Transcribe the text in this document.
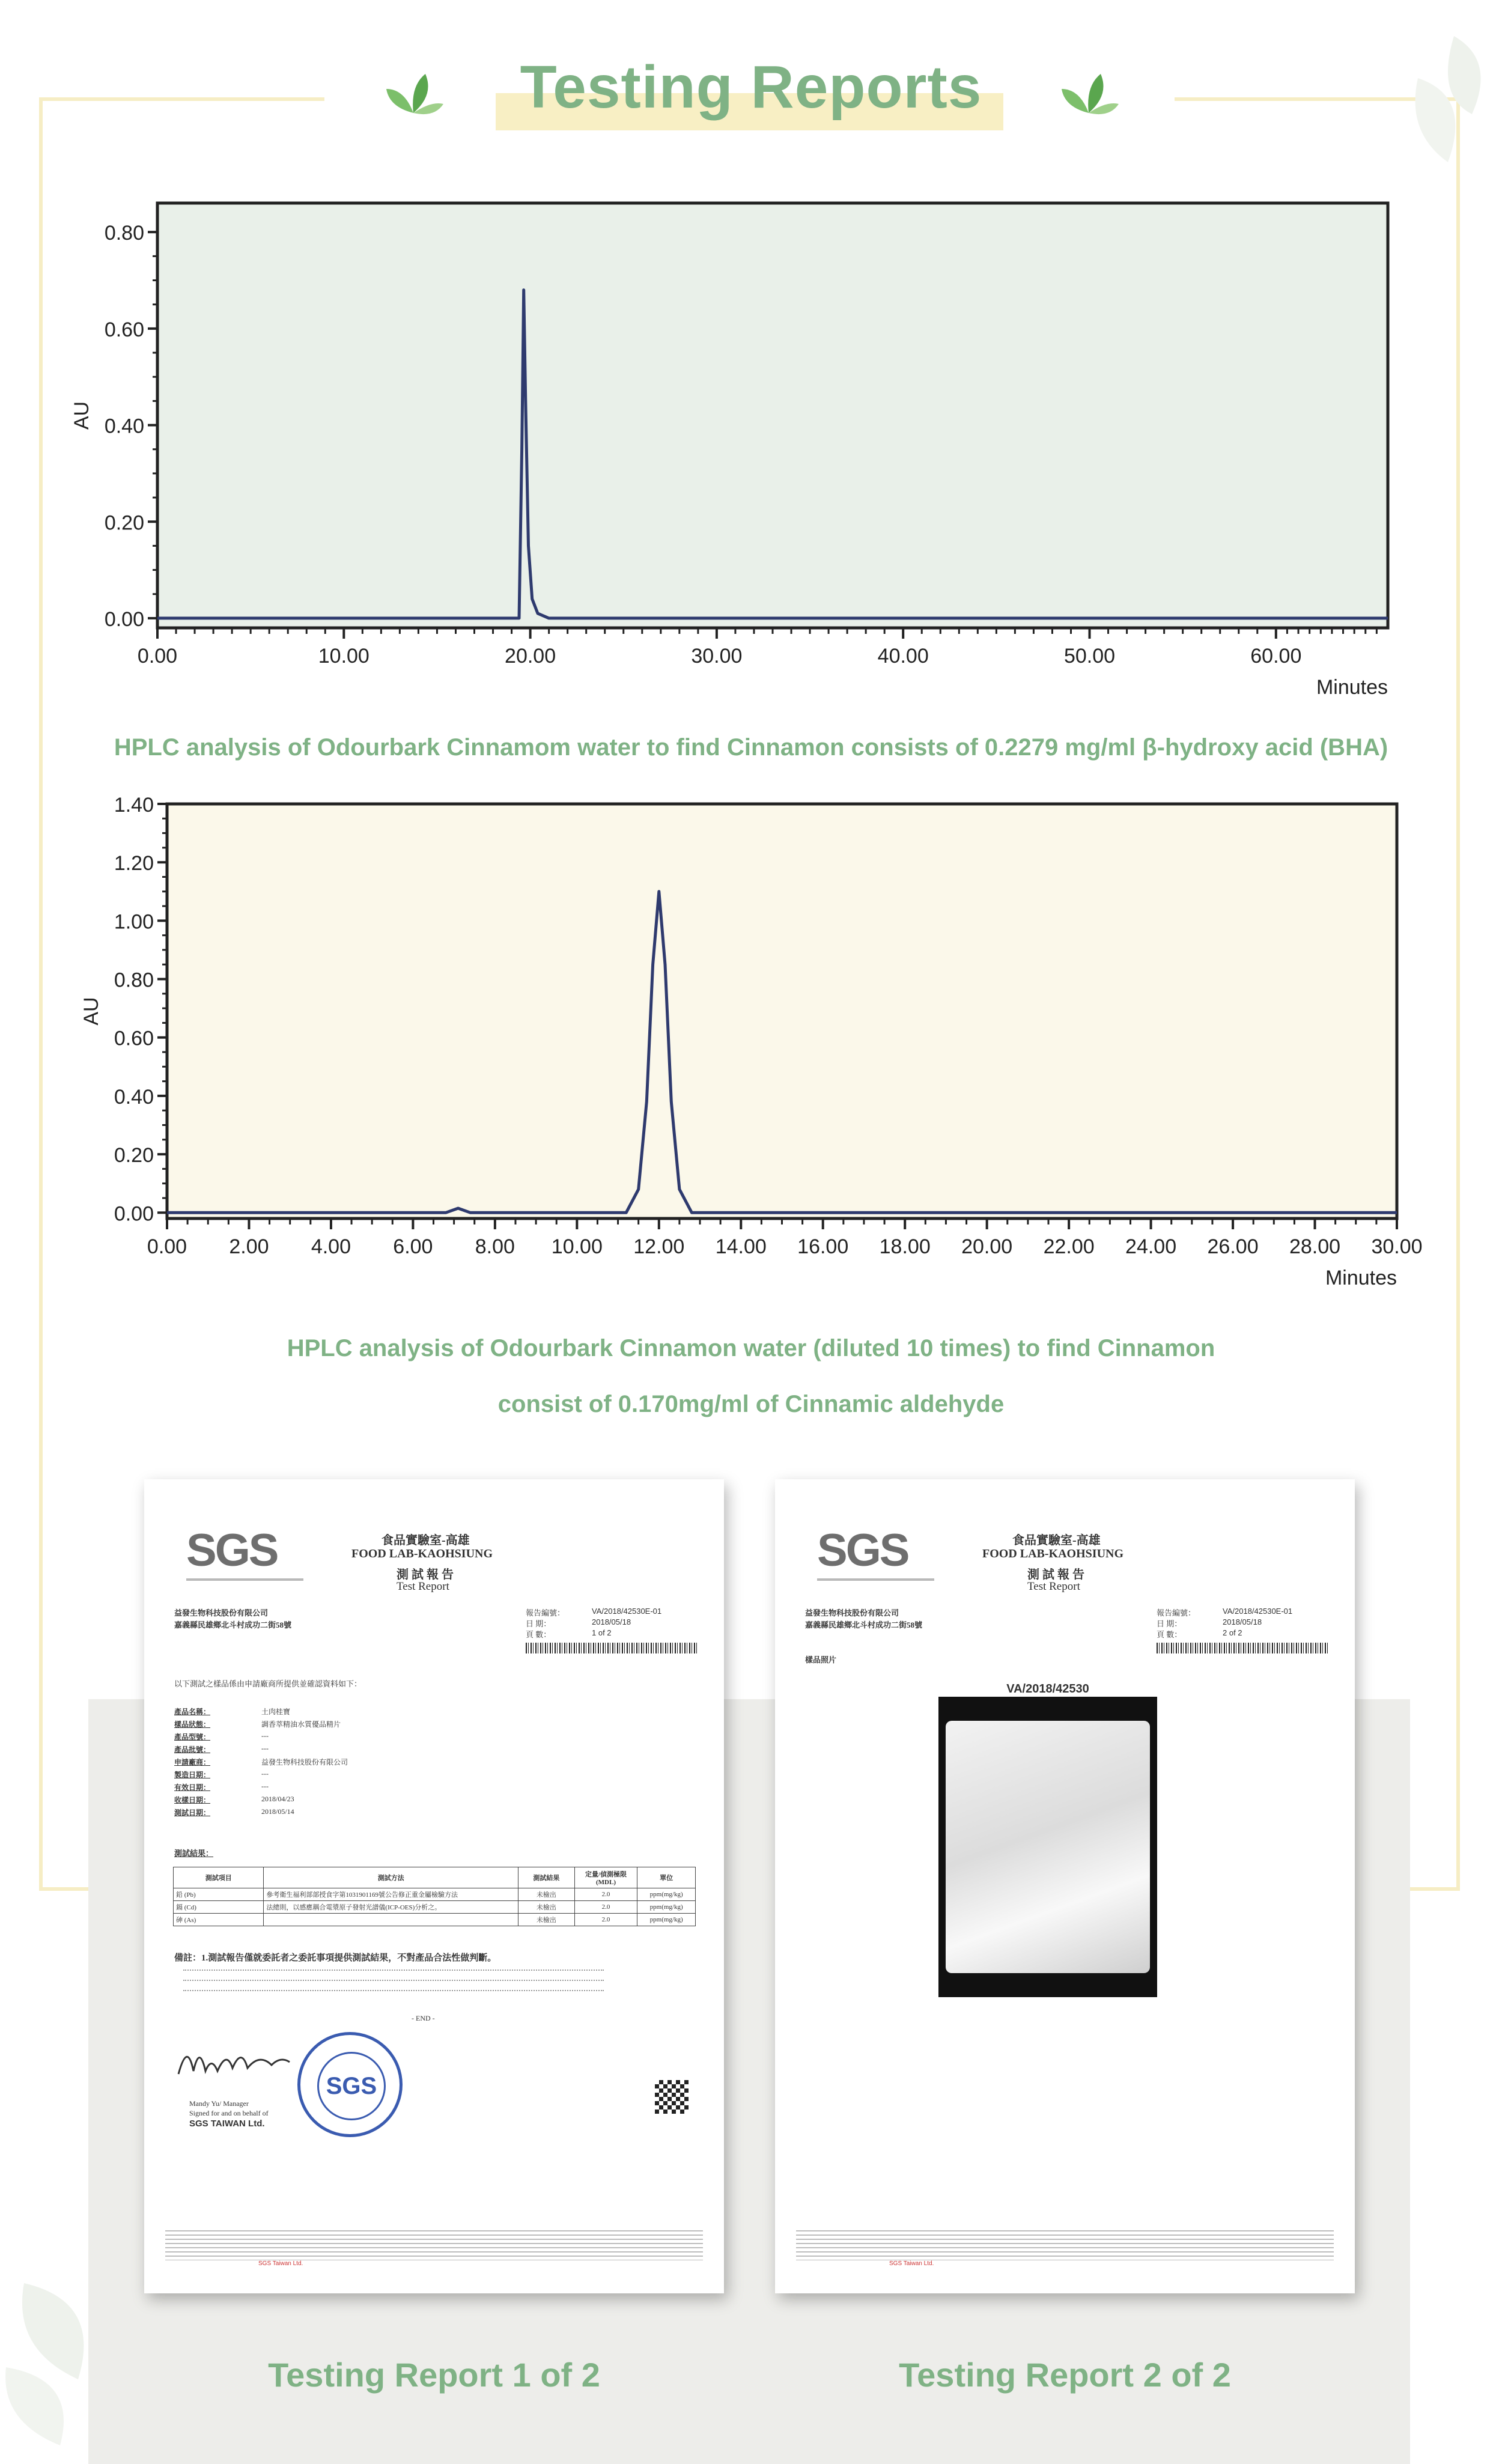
Testing Reports
0.00
0.20
0.40
0.60
0.80
0.00	10.00	20.00	30.00	40.00	50.00	60.00
Minutes
AU
HPLC analysis of Odourbark Cinnamom water to find Cinnamon consists of 0.2279 mg/ml β-hydroxy acid (BHA)
0.00
0.20
0.40
0.60
0.80
1.00
1.20
1.40
0.00 2.00 4.00 6.00 8.00 10.00 12.00 14.00 16.00 18.00 20.00 22.00 24.00 26.00 28.00 30.00
Minutes
AU
HPLC analysis of Odourbark Cinnamon water (diluted 10 times) to find Cinnamon
consist of 0.170mg/ml of Cinnamic aldehyde
SGS	食品實驗室-高雄
FOOD LAB-KAOHSIUNG
測 試 報 告
Test Report
益發生物科技股份有限公司
嘉義縣民雄鄉北斗村成功二街58號
報告編號：	VA/2018/42530E-01
日 期：	2018/05/18
頁 數：	1 of 2
以下測試之樣品係由申請廠商所提供並確認資料如下：
測試結果：
測試項目	測試方法	測試結果	定量/偵測極限(MDL)	單位
鉛 (Pb)	參考衛生福利部部授食字第1031901169號公告修正重金屬檢驗方法	未檢出	2.0	ppm(mg/kg)
鎘 (Cd)	法總則，以感應耦合電漿原子發射光譜儀(ICP-OES)分析之。	未檢出	2.0	ppm(mg/kg)
砷 (As)		未檢出	2.0	ppm(mg/kg)
備註：1.測試報告僅就委託者之委託事項提供測試結果，不對產品合法性做判斷。
- END -
Mandy Yu/ Manager
Signed for and on behalf of
SGS TAIWAN Ltd.
SGS
SGS Taiwan Ltd.
產品名稱：	土肉桂寶
樣品狀態：	調香萃精油水質優品精片
產品型號：	---
產品批號：	---
申請廠商：	益發生物科技股份有限公司
製造日期：	---
有效日期：	---
收樣日期：	2018/04/23
測試日期：	2018/05/14
Testing Report 1 of 2
SGS	食品實驗室-高雄
FOOD LAB-KAOHSIUNG
測 試 報 告
Test Report
益發生物科技股份有限公司
嘉義縣民雄鄉北斗村成功二街58號
報告編號：	VA/2018/42530E-01
日 期：	2018/05/18
頁 數：	2 of 2
樣品照片
VA/2018/42530
SGS Taiwan Ltd.
Testing Report 2 of 2
